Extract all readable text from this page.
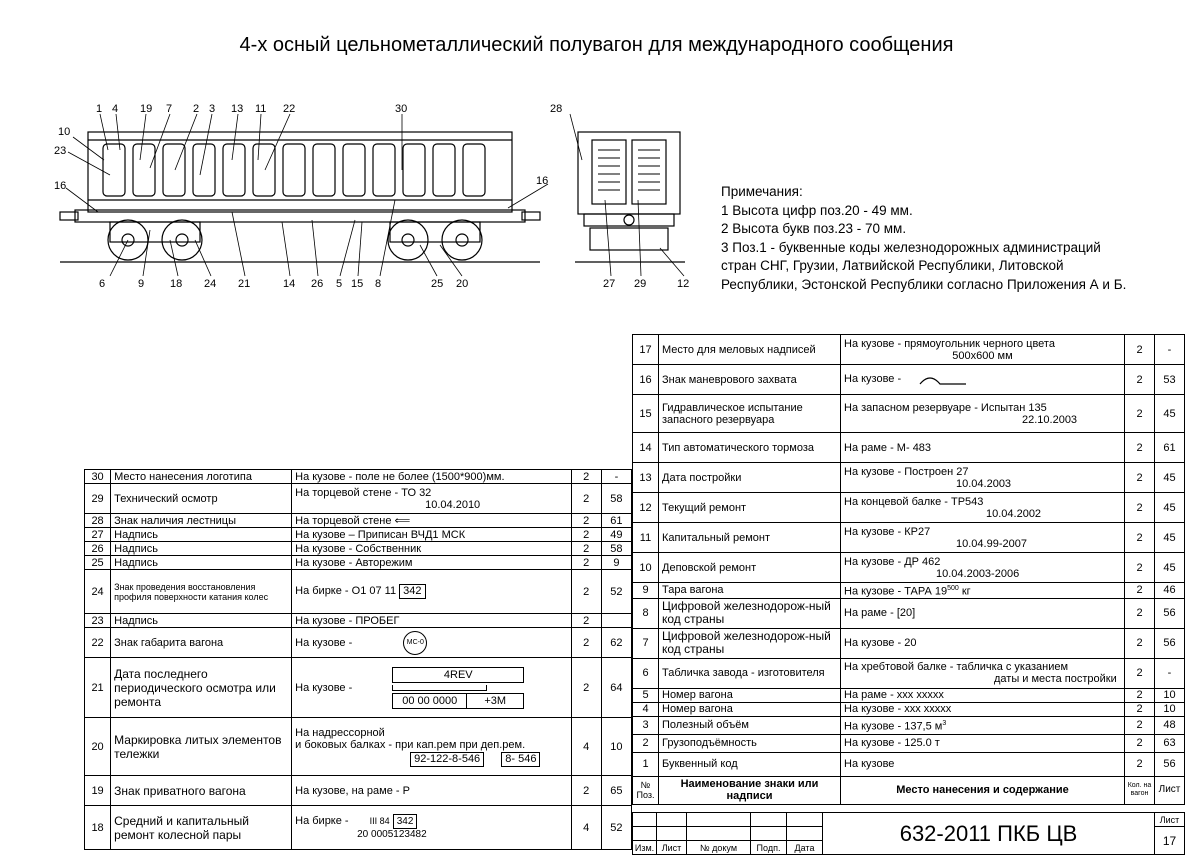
4-х осный цельнометаллический полувагон для международного сообщения
1 4 19 7 2 3 13 11 22	30	28
10
23
16	16
6	9 18 24 21	14 26 5 15 8	25 20	27 29	12
Примечания:
1 Высота цифр поз.20 - 49 мм.
2 Высота букв поз.23 - 70 мм.
3 Поз.1 - буквенные коды железнодорожных администраций
стран СНГ, Грузии, Латвийской Республики, Литовской
Республики, Эстонской Республики согласно Приложения А и Б.
30	Место нанесения логотипа	На кузове - поле не более (1500*900)мм.	2	-
29	Технический осмотр	На торцевой стене - ТО 32
10.04.2010	2	58
28	Знак наличия лестницы	На торцевой стене ⟸	2	61
27	Надпись	На кузове – Приписан ВЧД1 МСК	2	49
26	Надпись	На кузове - Собственник	2	58
25	Надпись	На кузове - Авторежим	2	9
24	Знак проведения восстановления профиля поверхности катания колес	На бирке - О1 07 11 342	2	52
23	Надпись	На кузове - ПРОБЕГ	2	
22	Знак габарита вагона	На кузове - МС-0	2	62
21	Дата последнего периодического осмотра или ремонта	На кузове -
4REV
00 00 0000 +3М	2	64
20	Маркировка литых элементов тележки	На надрессорной
и боковых балках - при кап.рем при деп.рем.
92-122-8-546 8- 546	4	10
19	Знак приватного вагона	На кузове, на раме - Р	2	65
18	Средний и капитальный ремонт колесной пары	На бирке - III 84 342
20 0005123482	4	52
17	Место для меловых надписей	На кузове - прямоугольник черного цвета
500х600 мм	2	-
16	Знак маневрового захвата	На кузове -	2	53
15	Гидравлическое испытание запасного резервуара	На запасном резервуаре - Испытан 135
22.10.2003	2	45
14	Тип автоматического тормоза	На раме - М- 483	2	61
13	Дата постройки	На кузове - Построен 27
10.04.2003	2	45
12	Текущий ремонт	На концевой балке - ТР543
10.04.2002	2	45
11	Капитальный ремонт	На кузове - КР27
10.04.99-2007	2	45
10	Деповской ремонт	На кузове - ДР 462
10.04.2003-2006	2	45
9	Тара вагона	На кузове - ТАРА $19^{500}$ кг	2	46
8	Цифровой железнодорож-ный код страны	На раме - [20]	2	56
7	Цифровой железнодорож-ный код страны	На кузове - 20	2	56
6	Табличка завода - изготовителя	На хребтовой балке - табличка с указанием
даты и места постройки	2	-
5	Номер вагона	На раме - ххх ххххх	2	10
4	Номер вагона	На кузове - ххх ххххх	2	10
3	Полезный объём	На кузове - 137,5 $м^3$	2	48
2	Грузоподъёмность	На кузове - 125.0 т	2	63
1	Буквенный код	На кузове	2	56
№ Поз.	Наименование знаки или надписи	Место нанесения и содержание	Кол. на вагон	Лист
					632-2011 ПКБ ЦВ	Лист
						17
Изм.	Лист	№ докум	Подп.	Дата		
